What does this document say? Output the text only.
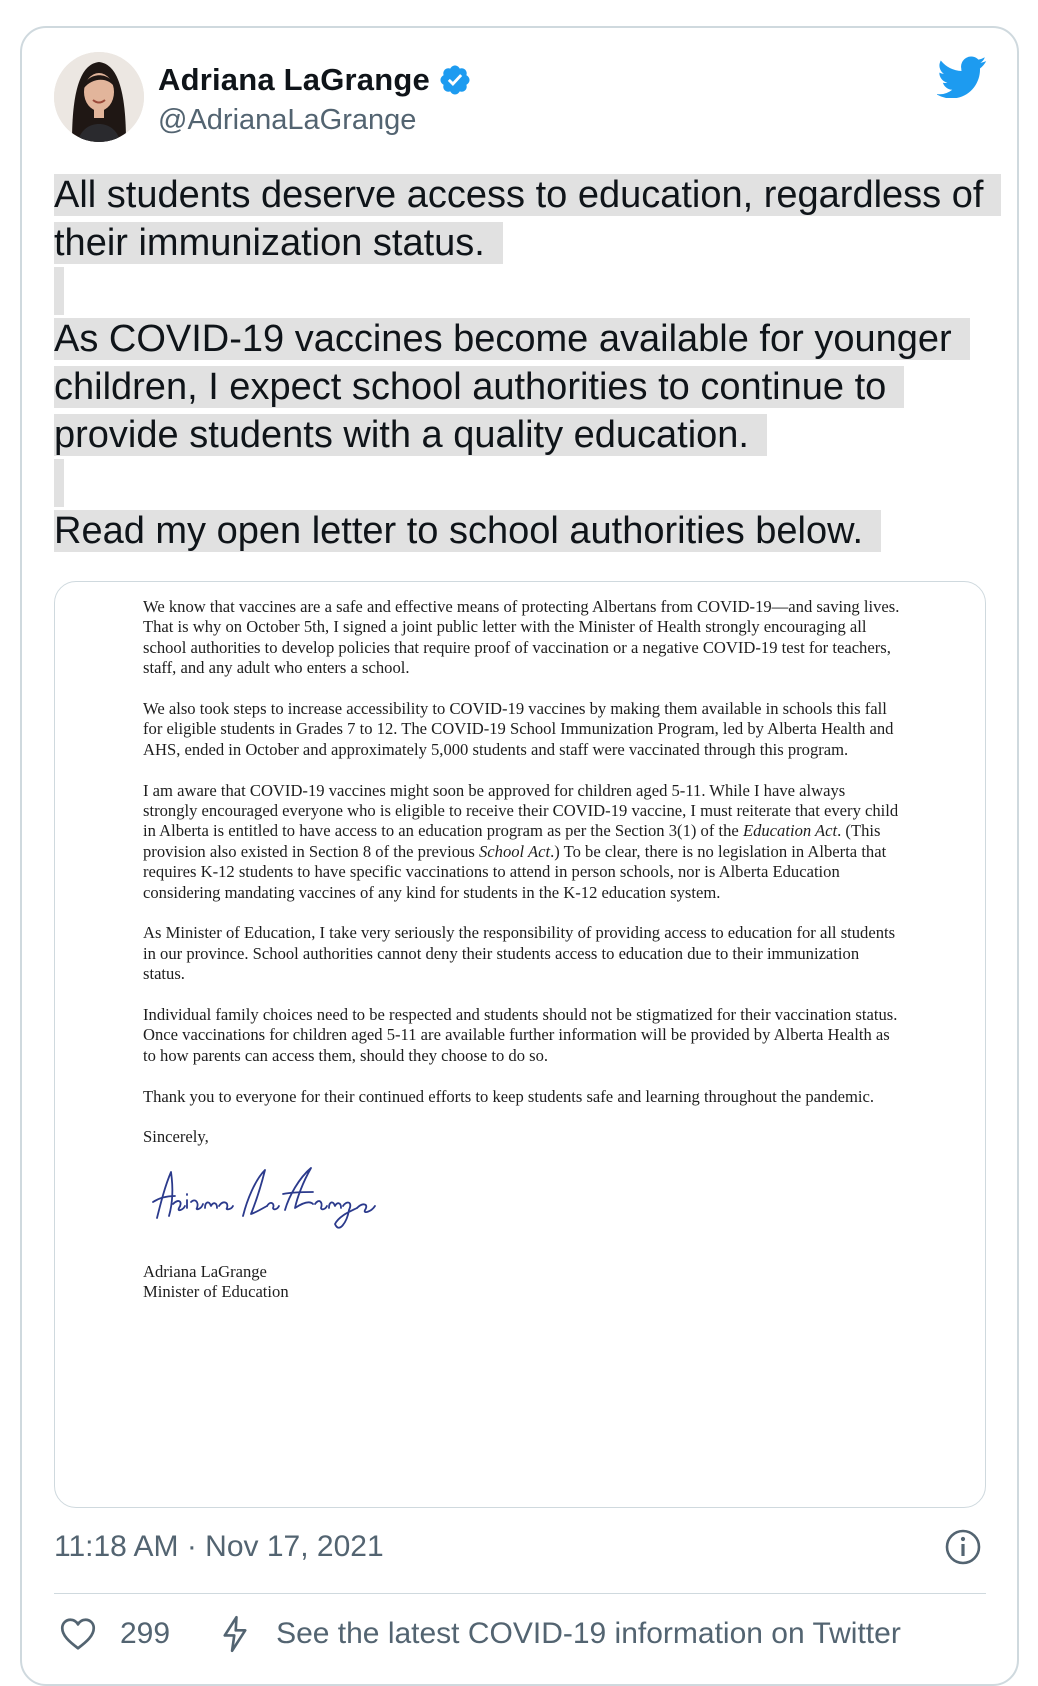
Adriana LaGrange
@AdrianaLaGrange

All students deserve access to education, regardless of their immunization status.

As COVID-19 vaccines become available for younger children, I expect school authorities to continue to provide students with a quality education.

Read my open letter to school authorities below.

We know that vaccines are a safe and effective means of protecting Albertans from COVID-19—and saving lives. That is why on October 5th, I signed a joint public letter with the Minister of Health strongly encouraging all school authorities to develop policies that require proof of vaccination or a negative COVID-19 test for teachers, staff, and any adult who enters a school.

We also took steps to increase accessibility to COVID-19 vaccines by making them available in schools this fall for eligible students in Grades 7 to 12. The COVID-19 School Immunization Program, led by Alberta Health and AHS, ended in October and approximately 5,000 students and staff were vaccinated through this program.

I am aware that COVID-19 vaccines might soon be approved for children aged 5-11. While I have always strongly encouraged everyone who is eligible to receive their COVID-19 vaccine, I must reiterate that every child in Alberta is entitled to have access to an education program as per the Section 3(1) of the Education Act. (This provision also existed in Section 8 of the previous School Act.) To be clear, there is no legislation in Alberta that requires K-12 students to have specific vaccinations to attend in person schools, nor is Alberta Education considering mandating vaccines of any kind for students in the K-12 education system.

As Minister of Education, I take very seriously the responsibility of providing access to education for all students in our province. School authorities cannot deny their students access to education due to their immunization status.

Individual family choices need to be respected and students should not be stigmatized for their vaccination status. Once vaccinations for children aged 5-11 are available further information will be provided by Alberta Health as to how parents can access them, should they choose to do so.

Thank you to everyone for their continued efforts to keep students safe and learning throughout the pandemic.

Sincerely,

Adriana LaGrange
Minister of Education
11:18 AM · Nov 17, 2021
299	See the latest COVID-19 information on Twitter
